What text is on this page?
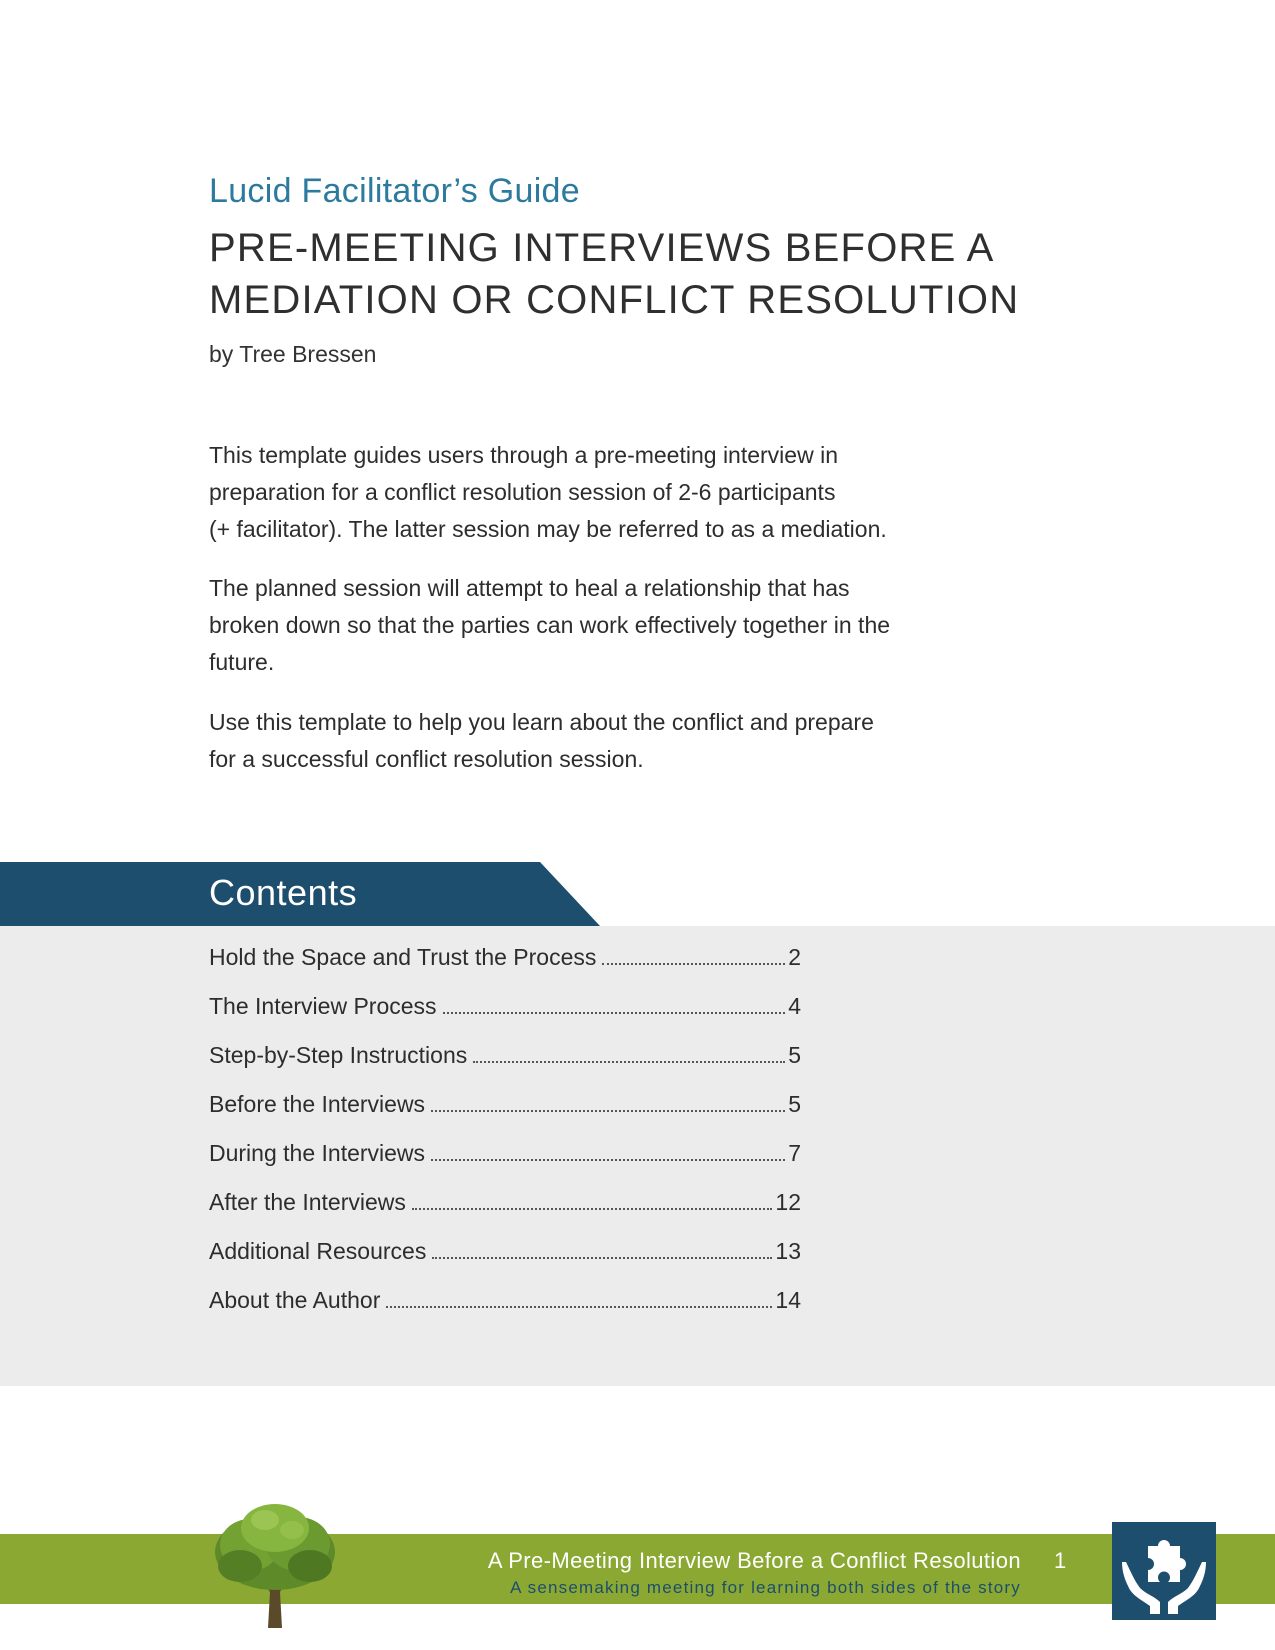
Lucid Facilitator’s Guide
PRE-MEETING INTERVIEWS BEFORE A
MEDIATION OR CONFLICT RESOLUTION
by Tree Bressen
This template guides users through a pre-meeting interview in
preparation for a conflict resolution session of 2-6 participants
(+ facilitator). The latter session may be referred to as a mediation.
The planned session will attempt to heal a relationship that has
broken down so that the parties can work effectively together in the
future.
Use this template to help you learn about the conflict and prepare
for a successful conflict resolution session.
Contents
Hold the Space and Trust the Process	2
The Interview Process	4
Step-by-Step Instructions	5
Before the Interviews	5
During the Interviews	7
After the Interviews	12
Additional Resources	13
About the Author	14
A Pre-Meeting Interview Before a Conflict Resolution
A sensemaking meeting for learning both sides of the story
1
